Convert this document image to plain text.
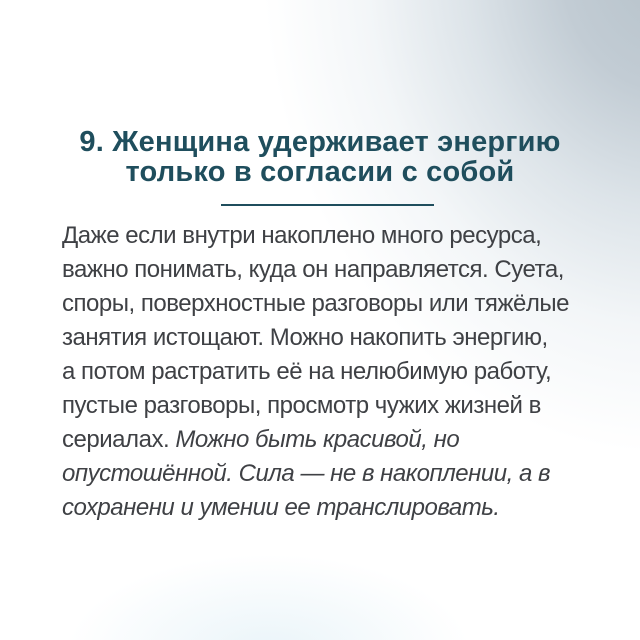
9. Женщина удерживает энергию
только в согласии с собой
Даже если внутри накоплено много ресурса,
важно понимать, куда он направляется. Суета,
споры, поверхностные разговоры или тяжёлые
занятия истощают. Можно накопить энергию,
а потом растратить её на нелюбимую работу,
пустые разговоры, просмотр чужих жизней в
сериалах. Можно быть красивой, но
опустошённой. Сила — не в накоплении, а в
сохранени и умении ее транслировать.
